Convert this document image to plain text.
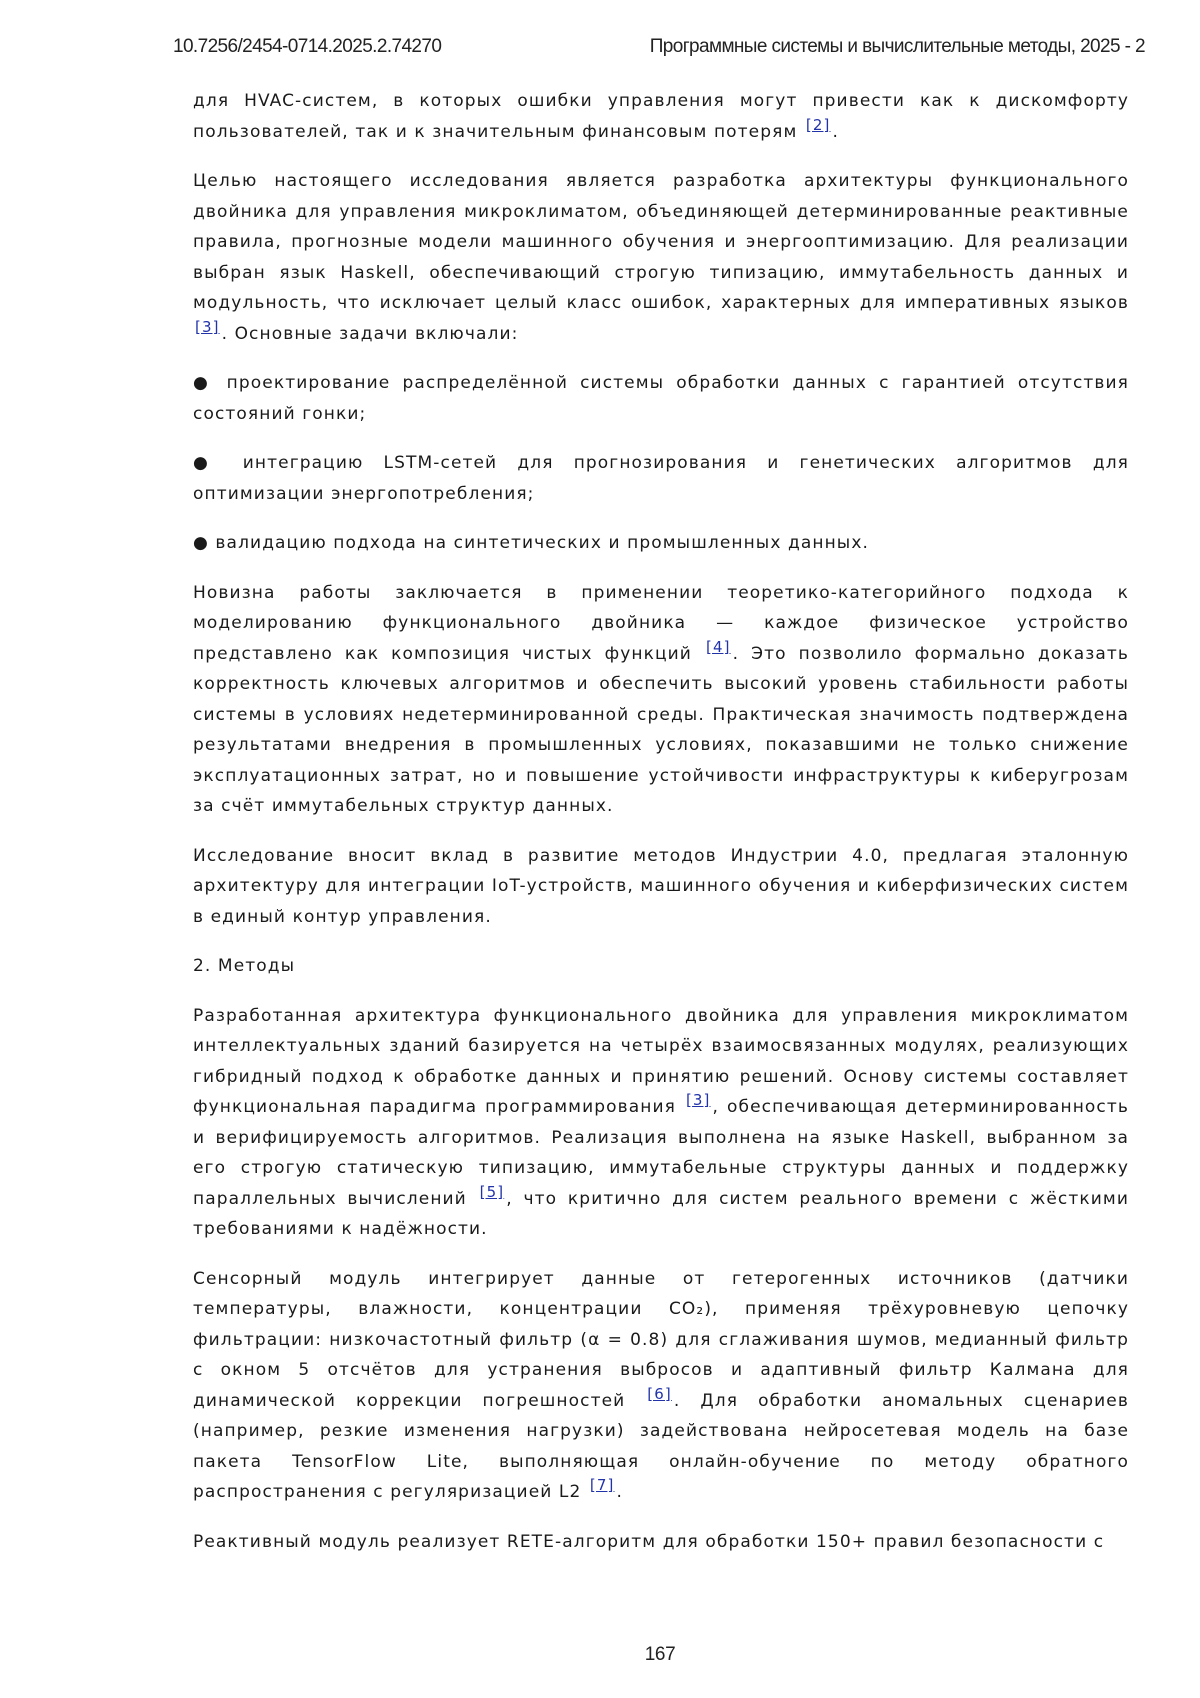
10.7256/2454-0714.2025.2.74270	Программные системы и вычислительные методы, 2025 - 2

для HVAC-систем, в которых ошибки управления могут привести как к дискомфорту пользователей, так и к значительным финансовым потерям [2] .

Целью настоящего исследования является разработка архитектуры функционального двойника для управления микроклиматом, объединяющей детерминированные реактивные правила, прогнозные модели машинного обучения и энергооптимизацию. Для реализации выбран язык Haskell, обеспечивающий строгую типизацию, иммутабельность данных и модульность, что исключает целый класс ошибок, характерных для императивных языков [3] . Основные задачи включали:

● проектирование распределённой системы обработки данных с гарантией отсутствия состояний гонки;

● интеграцию LSTM-сетей для прогнозирования и генетических алгоритмов для оптимизации энергопотребления;

● валидацию подхода на синтетических и промышленных данных.

Новизна работы заключается в применении теоретико-категорийного подхода к моделированию функционального двойника — каждое физическое устройство представлено как композиция чистых функций [4] . Это позволило формально доказать корректность ключевых алгоритмов и обеспечить высокий уровень стабильности работы системы в условиях недетерминированной среды. Практическая значимость подтверждена результатами внедрения в промышленных условиях, показавшими не только снижение эксплуатационных затрат, но и повышение устойчивости инфраструктуры к киберугрозам за счёт иммутабельных структур данных.

Исследование вносит вклад в развитие методов Индустрии 4.0, предлагая эталонную архитектуру для интеграции IoT-устройств, машинного обучения и киберфизических систем в единый контур управления.

2. Методы

Разработанная архитектура функционального двойника для управления микроклиматом интеллектуальных зданий базируется на четырёх взаимосвязанных модулях, реализующих гибридный подход к обработке данных и принятию решений. Основу системы составляет функциональная парадигма программирования [3] , обеспечивающая детерминированность и верифицируемость алгоритмов. Реализация выполнена на языке Haskell, выбранном за его строгую статическую типизацию, иммутабельные структуры данных и поддержку параллельных вычислений [5] , что критично для систем реального времени с жёсткими требованиями к надёжности.

Сенсорный модуль интегрирует данные от гетерогенных источников (датчики температуры, влажности, концентрации CO₂), применяя трёхуровневую цепочку фильтрации: низкочастотный фильтр (α = 0.8) для сглаживания шумов, медианный фильтр с окном 5 отсчётов для устранения выбросов и адаптивный фильтр Калмана для динамической коррекции погрешностей [6] . Для обработки аномальных сценариев (например, резкие изменения нагрузки) задействована нейросетевая модель на базе пакета TensorFlow Lite, выполняющая онлайн-обучение по методу обратного распространения с регуляризацией L2 [7] .

Реактивный модуль реализует RETE-алгоритм для обработки 150+ правил безопасности с

167
